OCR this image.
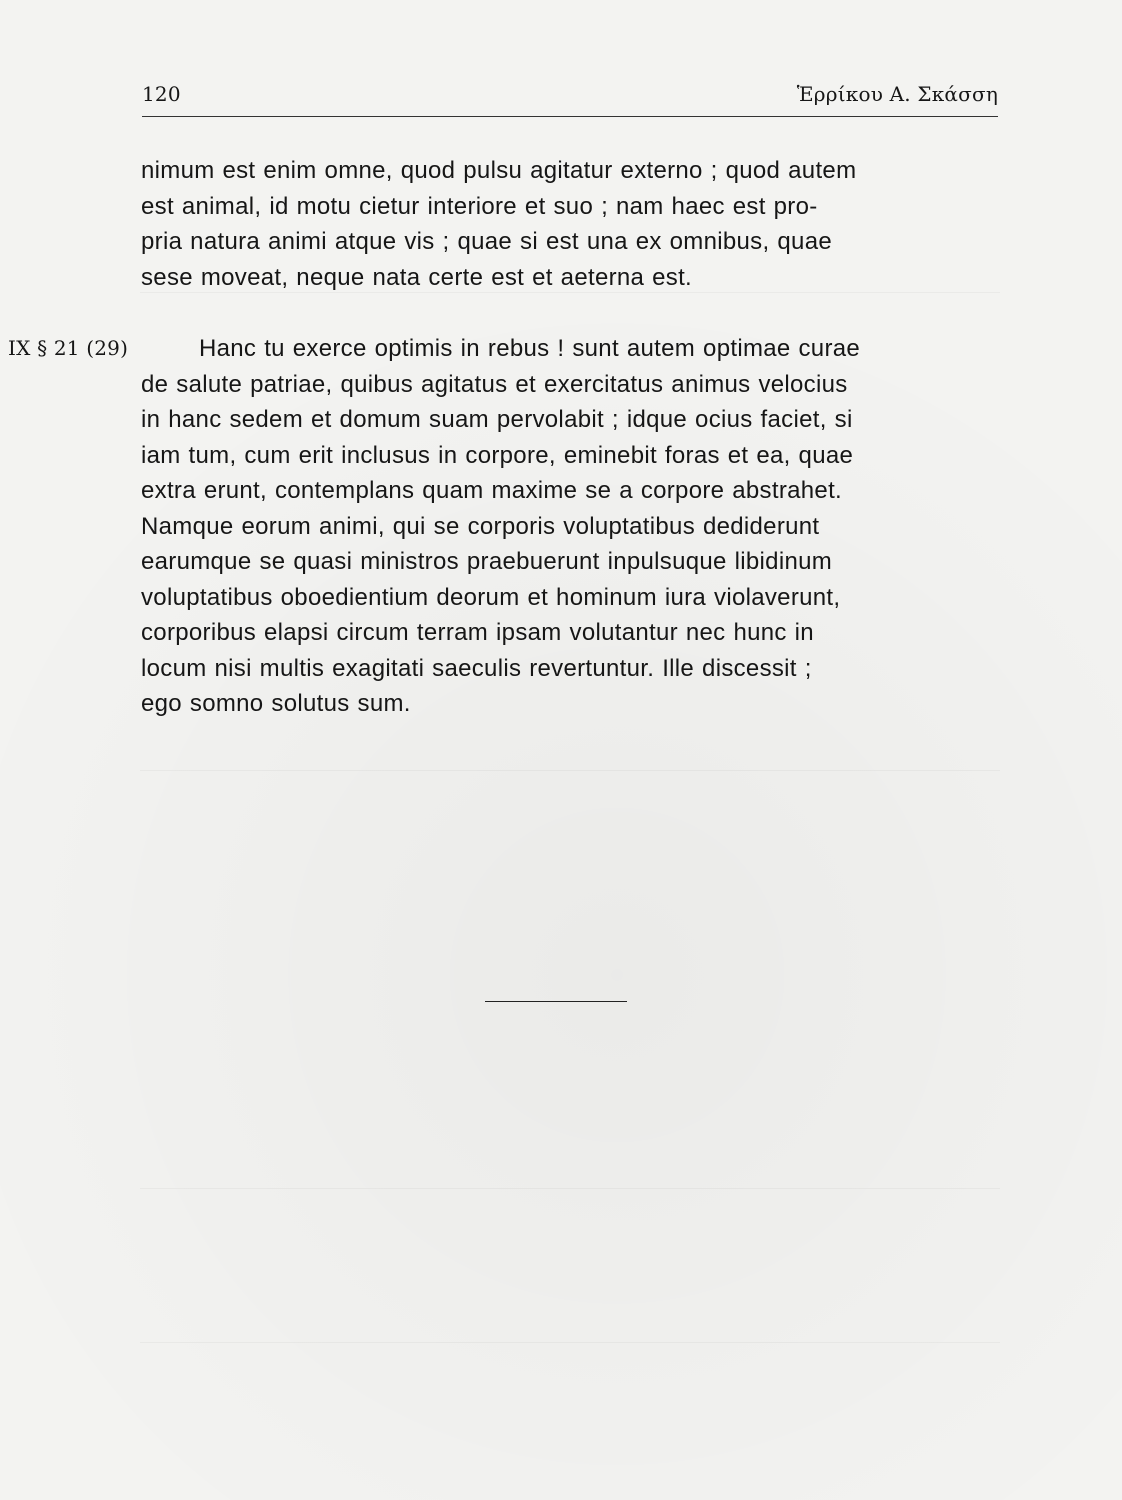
120	Ἑρρίκου Α. Σκάσση
nimum est enim omne, quod pulsu agitatur externo ; quod autem
est animal, id motu cietur interiore et suo ; nam haec est pro-
pria natura animi atque vis ; quae si est una ex omnibus, quae
sese moveat, neque nata certe est et aeterna est.
IX § 21 (29)	Hanc tu exerce optimis in rebus ! sunt autem optimae curae
de salute patriae, quibus agitatus et exercitatus animus velocius
in hanc sedem et domum suam pervolabit ; idque ocius faciet, si
iam tum, cum erit inclusus in corpore, eminebit foras et ea, quae
extra erunt, contemplans quam maxime se a corpore abstrahet.
Namque eorum animi, qui se corporis voluptatibus dediderunt
earumque se quasi ministros praebuerunt inpulsuque libidinum
voluptatibus oboedientium deorum et hominum iura violaverunt,
corporibus elapsi circum terram ipsam volutantur nec hunc in
locum nisi multis exagitati saeculis revertuntur. Ille discessit ;
ego somno solutus sum.
